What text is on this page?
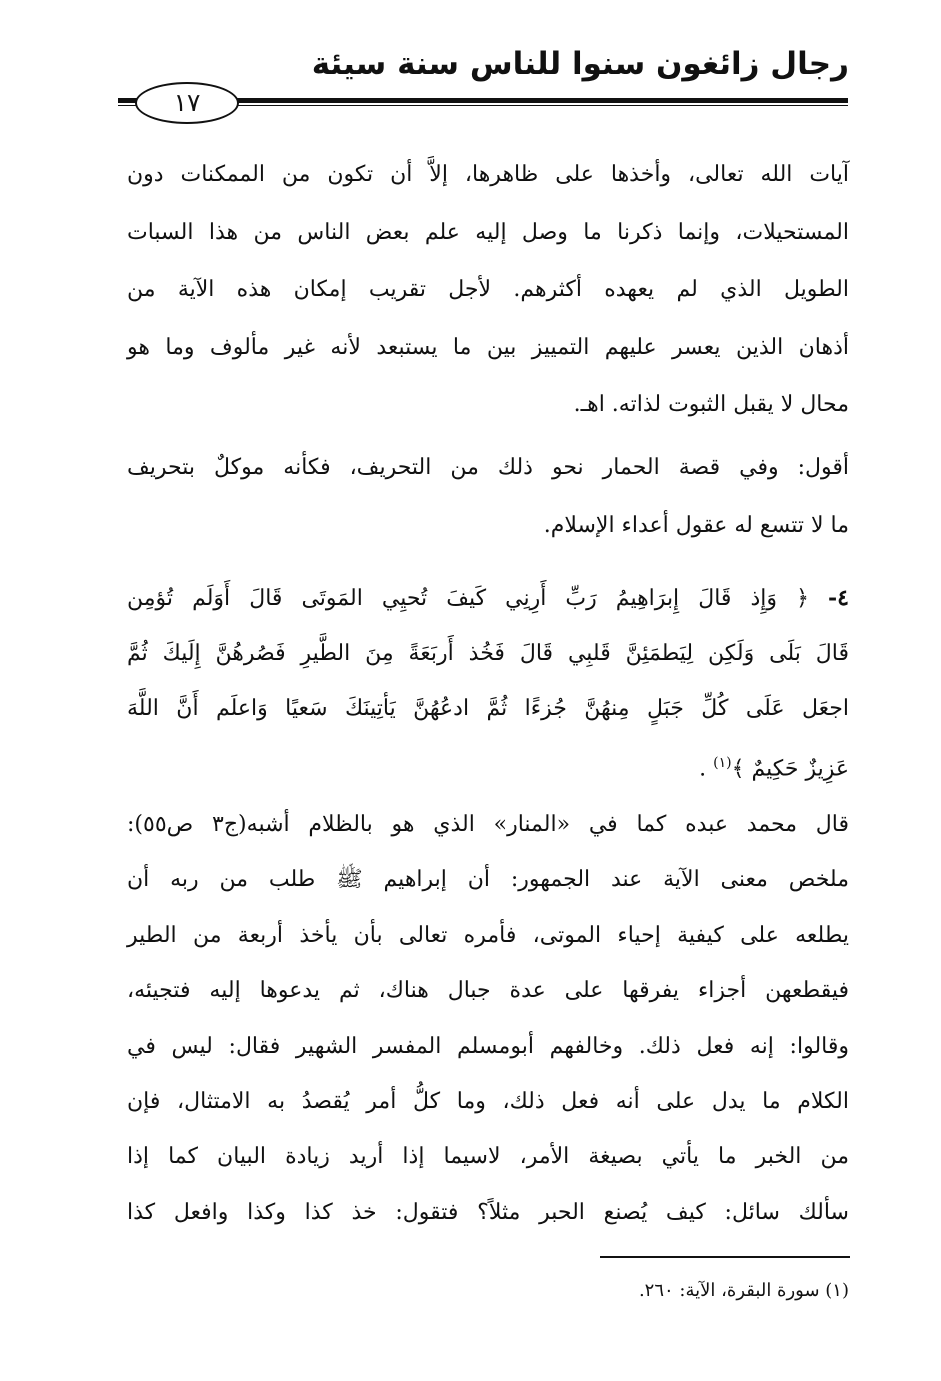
رجال زائغون سنوا للناس سنة سيئة
١٧
آيات الله تعالى، وأخذها على ظاهرها، إلاَّ أن تكون من الممكنات دون
المستحيلات، وإنما ذكرنا ما وصل إليه علم بعض الناس من هذا السبات
الطويل الذي لم يعهده أكثرهم. لأجل تقريب إمكان هذه الآية من
أذهان الذين يعسر عليهم التمييز بين ما يستبعد لأنه غير مألوف وما هو
محال لا يقبل الثبوت لذاته. اهـ.
أقول: وفي قصة الحمار نحو ذلك من التحريف، فكأنه موكلٌ بتحريف
ما لا تتسع له عقول أعداء الإسلام.
٤- ﴿ وَإِذ قَالَ إِبرَاهِيمُ رَبِّ أَرِنِي كَيفَ تُحيِي المَوتَى قَالَ أَوَلَم تُؤمِن
قَالَ بَلَى وَلَكِن لِيَطمَئِنَّ قَلبِي قَالَ فَخُذ أَربَعَةً مِنَ الطَّيرِ فَصُرهُنَّ إِلَيكَ ثُمَّ
اجعَل عَلَى كُلِّ جَبَلٍ مِنهُنَّ جُزءًا ثُمَّ ادعُهُنَّ يَأتِينَكَ سَعيًا وَاعلَم أَنَّ اللَّهَ
عَزِيزٌ حَكِيمٌ ﴾$^{(١)}$ .
قال محمد عبده كما في «المنار» الذي هو بالظلام أشبه(ج٣ ص٥٥):
ملخص معنى الآية عند الجمهور: أن إبراهيم ﷺ طلب من ربه أن
يطلعه على كيفية إحياء الموتى، فأمره تعالى بأن يأخذ أربعة من الطير
فيقطعهن أجزاء يفرقها على عدة جبال هناك، ثم يدعوها إليه فتجيئه،
وقالوا: إنه فعل ذلك. وخالفهم أبومسلم المفسر الشهير فقال: ليس في
الكلام ما يدل على أنه فعل ذلك، وما كلُّ أمر يُقصدُ به الامتثال، فإن
من الخبر ما يأتي بصيغة الأمر، لاسيما إذا أريد زيادة البيان كما إذا
سألك سائل: كيف يُصنع الحبر مثلاً؟ فتقول: خذ كذا وكذا وافعل كذا
(١) سورة البقرة، الآية: ٢٦٠.
